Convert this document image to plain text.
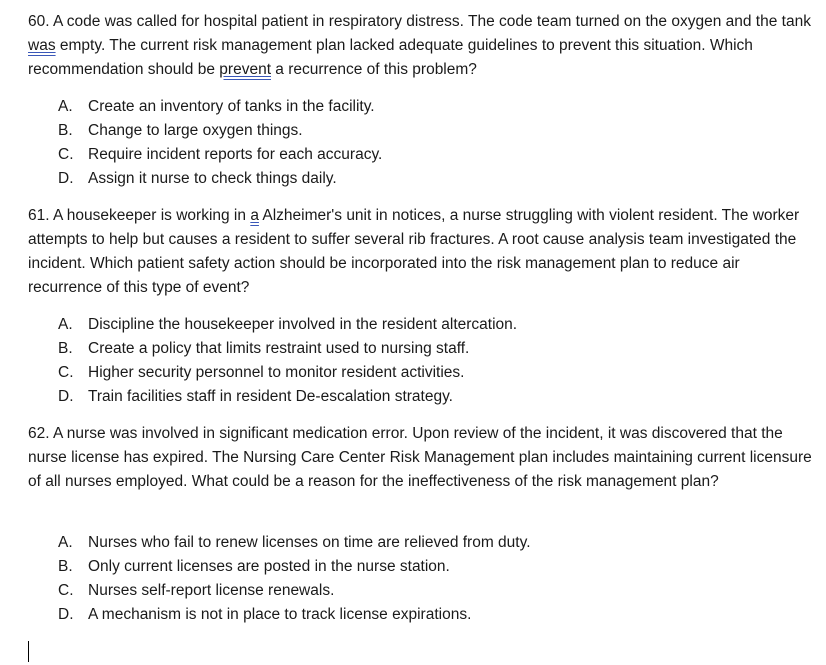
60. A code was called for hospital patient in respiratory distress. The code team turned on the oxygen and the tank was empty. The current risk management plan lacked adequate guidelines to prevent this situation. Which recommendation should be prevent a recurrence of this problem?

A. Create an inventory of tanks in the facility.
B. Change to large oxygen things.
C. Require incident reports for each accuracy.
D. Assign it nurse to check things daily.

61. A housekeeper is working in a Alzheimer's unit in notices, a nurse struggling with violent resident. The worker attempts to help but causes a resident to suffer several rib fractures. A root cause analysis team investigated the incident. Which patient safety action should be incorporated into the risk management plan to reduce air recurrence of this type of event?

A. Discipline the housekeeper involved in the resident altercation.
B. Create a policy that limits restraint used to nursing staff.
C. Higher security personnel to monitor resident activities.
D. Train facilities staff in resident De-escalation strategy.

62. A nurse was involved in significant medication error. Upon review of the incident, it was discovered that the nurse license has expired. The Nursing Care Center Risk Management plan includes maintaining current licensure of all nurses employed. What could be a reason for the ineffectiveness of the risk management plan?

A. Nurses who fail to renew licenses on time are relieved from duty.
B. Only current licenses are posted in the nurse station.
C. Nurses self-report license renewals.
D. A mechanism is not in place to track license expirations.
